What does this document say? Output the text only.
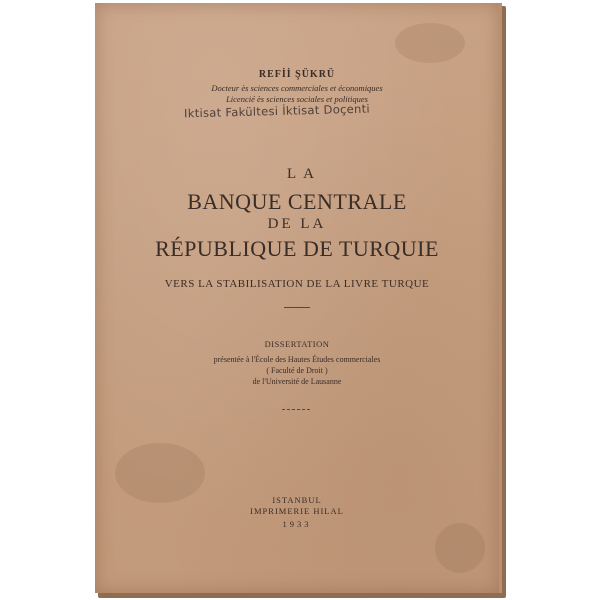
REFİİ ŞÜKRÜ
Docteur ès sciences commerciales et économiques
Licencié ès sciences sociales et politiques
Iktisat Fakültesi İktisat Doçenti
LA
BANQUE CENTRALE
DE LA
RÉPUBLIQUE DE TURQUIE
VERS LA STABILISATION DE LA LIVRE TURQUE
DISSERTATION
présentée à l'École des Hautes Études commerciales
( Faculté de Droit )
de l'Université de Lausanne
ISTANBUL
IMPRIMERIE HILAL
1933
